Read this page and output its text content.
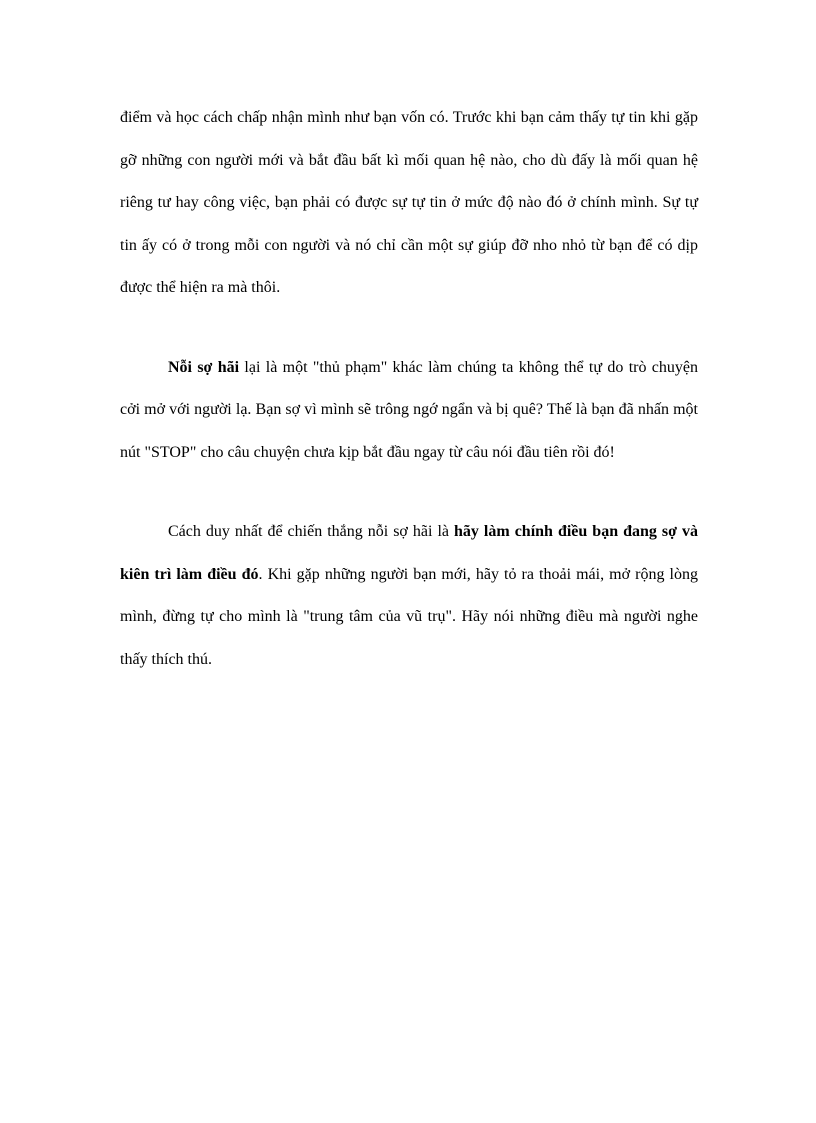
điểm và học cách chấp nhận mình như bạn vốn có. Trước khi bạn cảm thấy tự tin khi gặp gỡ những con người mới và bắt đầu bất kì mối quan hệ nào, cho dù đấy là mối quan hệ riêng tư hay công việc, bạn phải có được sự tự tin ở mức độ nào đó ở chính mình. Sự tự tin ấy có ở trong mỗi con người và nó chỉ cần một sự giúp đỡ nho nhỏ từ bạn để có dịp được thể hiện ra mà thôi.

Nỗi sợ hãi lại là một "thủ phạm" khác làm chúng ta không thể tự do trò chuyện cởi mở với người lạ. Bạn sợ vì mình sẽ trông ngớ ngẩn và bị quê? Thế là bạn đã nhấn một nút "STOP" cho câu chuyện chưa kịp bắt đầu ngay từ câu nói đầu tiên rồi đó!

Cách duy nhất để chiến thắng nỗi sợ hãi là hãy làm chính điều bạn đang sợ và kiên trì làm điều đó. Khi gặp những người bạn mới, hãy tỏ ra thoải mái, mở rộng lòng mình, đừng tự cho mình là "trung tâm của vũ trụ". Hãy nói những điều mà người nghe thấy thích thú.
